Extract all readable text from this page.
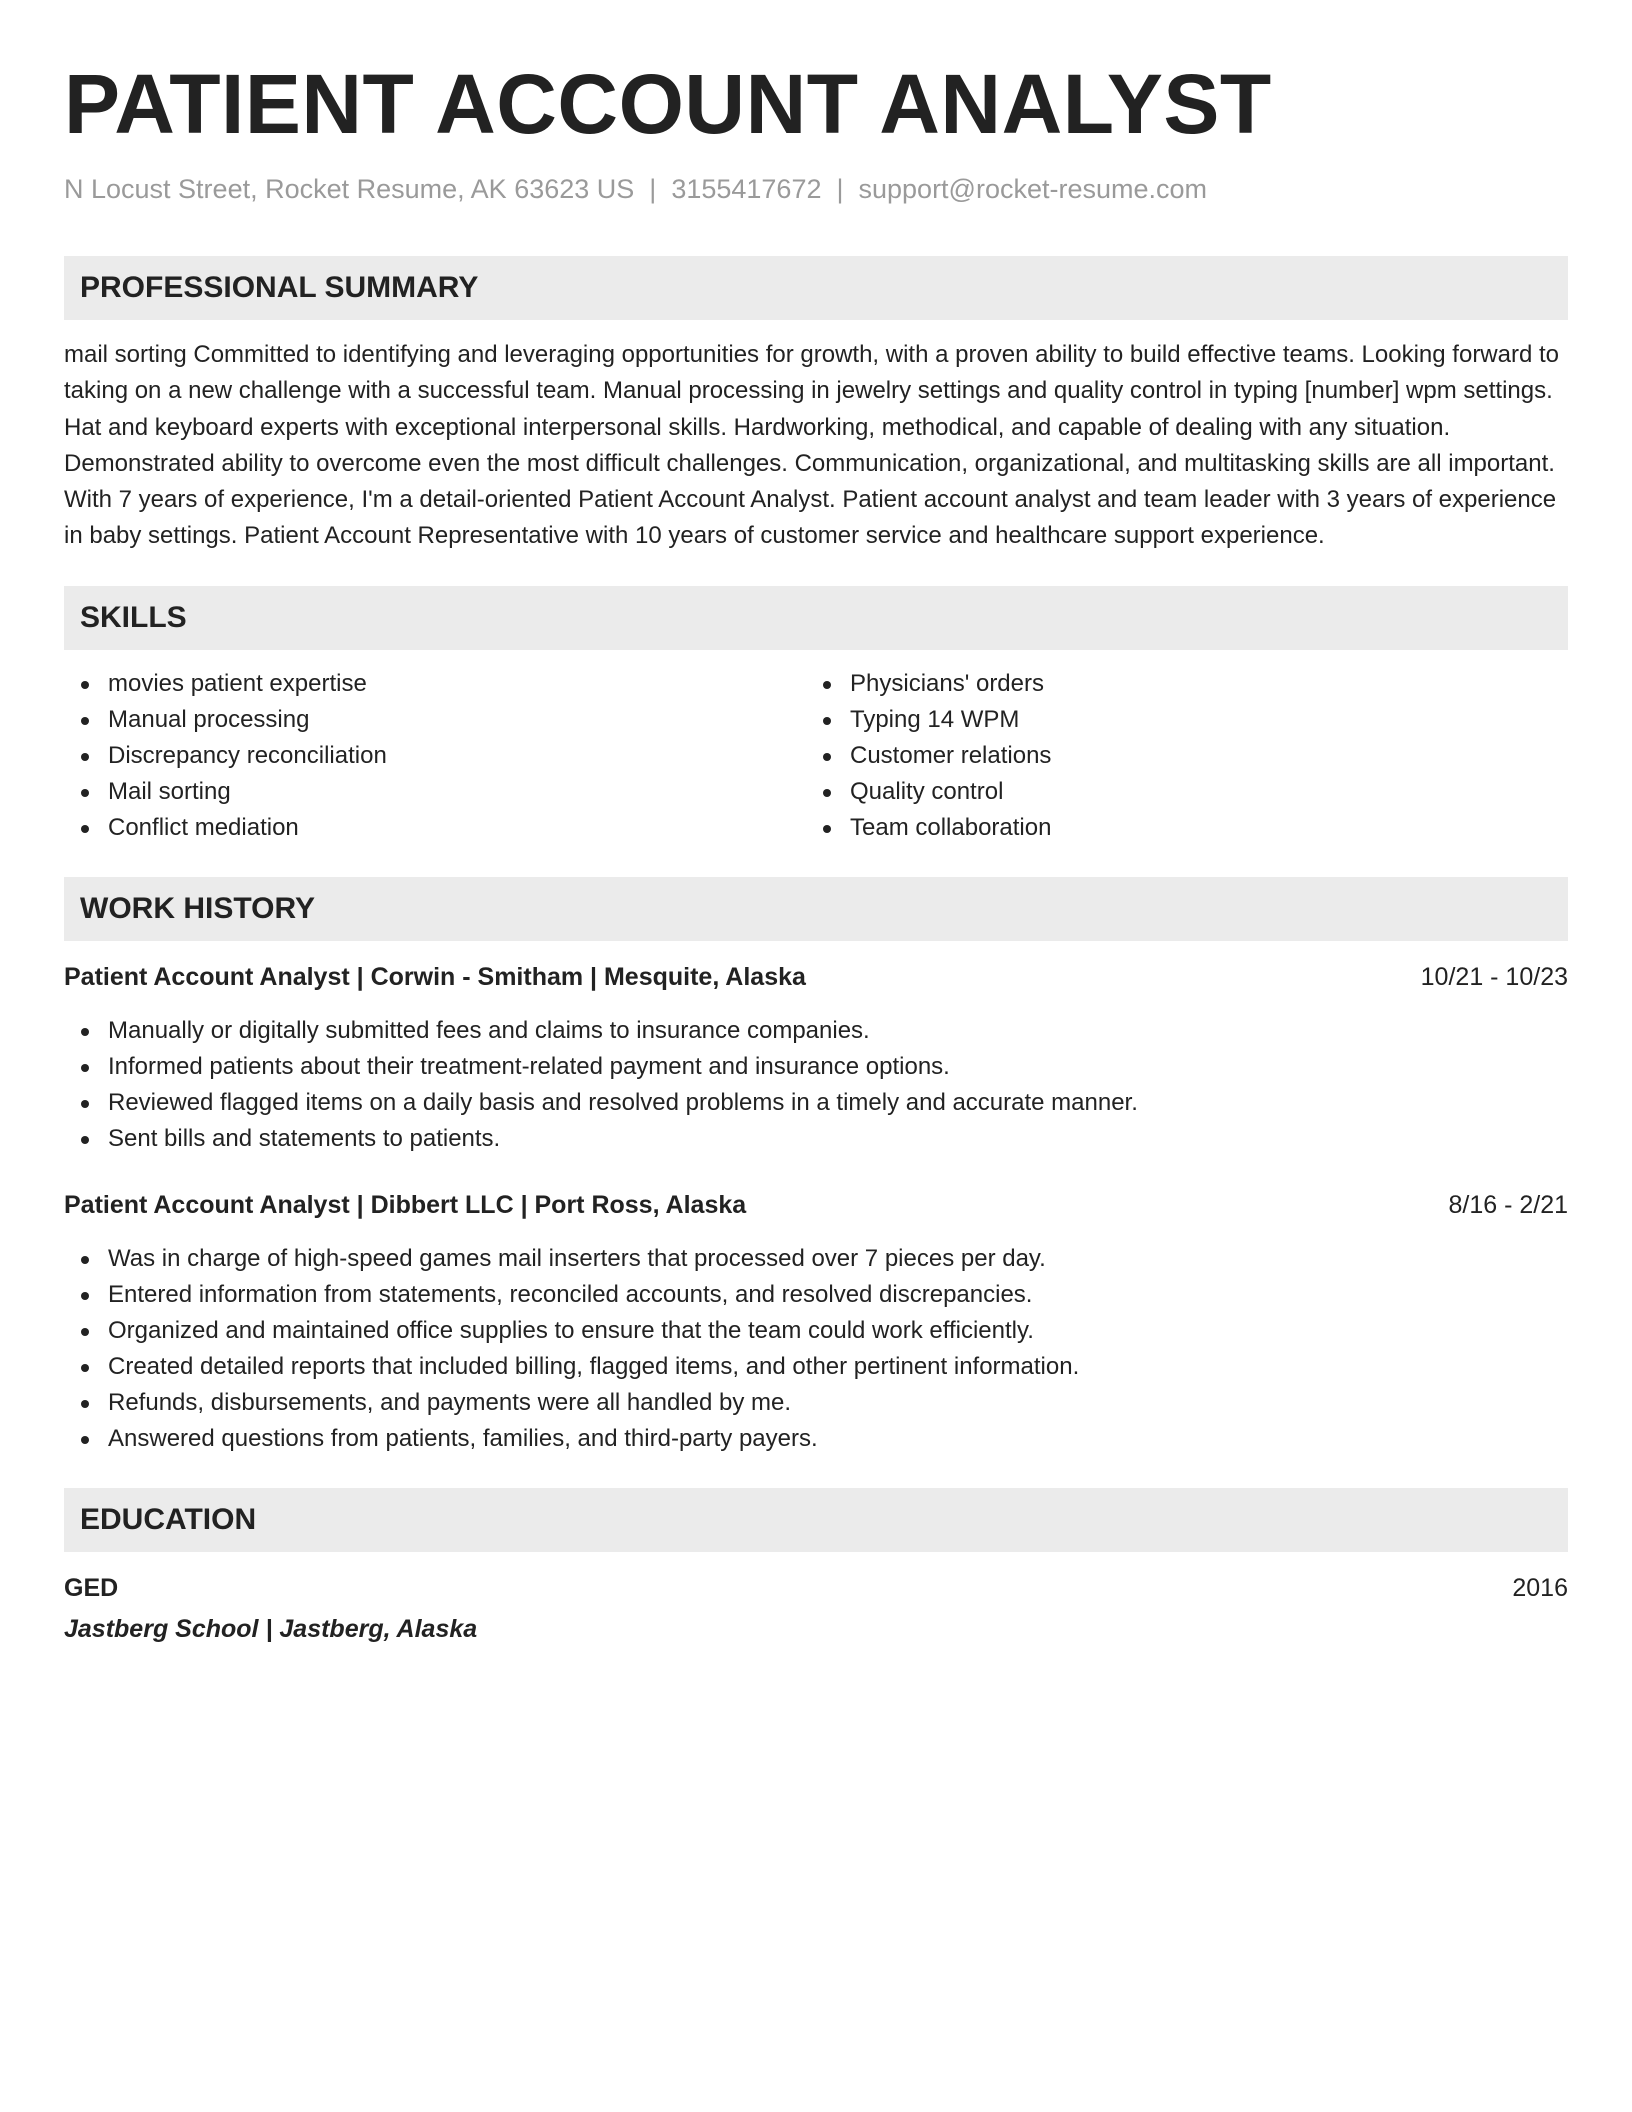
PATIENT ACCOUNT ANALYST
N Locust Street, Rocket Resume, AK 63623 US | 3155417672 | support@rocket-resume.com
PROFESSIONAL SUMMARY

mail sorting Committed to identifying and leveraging opportunities for growth, with a proven ability to build effective teams. Looking forward to taking on a new challenge with a successful team. Manual processing in jewelry settings and quality control in typing [number] wpm settings. Hat and keyboard experts with exceptional interpersonal skills. Hardworking, methodical, and capable of dealing with any situation. Demonstrated ability to overcome even the most difficult challenges. Communication, organizational, and multitasking skills are all important. With 7 years of experience, I'm a detail-oriented Patient Account Analyst. Patient account analyst and team leader with 3 years of experience in baby settings. Patient Account Representative with 10 years of customer service and healthcare support experience.

SKILLS
movies patient expertise
Manual processing
Discrepancy reconciliation
Mail sorting
Conflict mediation
Physicians' orders
Typing 14 WPM
Customer relations
Quality control
Team collaboration
WORK HISTORY
Patient Account Analyst | Corwin - Smitham | Mesquite, Alaska	10/21 - 10/23
Manually or digitally submitted fees and claims to insurance companies.
Informed patients about their treatment-related payment and insurance options.
Reviewed flagged items on a daily basis and resolved problems in a timely and accurate manner.
Sent bills and statements to patients.
Patient Account Analyst | Dibbert LLC | Port Ross, Alaska	8/16 - 2/21
Was in charge of high-speed games mail inserters that processed over 7 pieces per day.
Entered information from statements, reconciled accounts, and resolved discrepancies.
Organized and maintained office supplies to ensure that the team could work efficiently.
Created detailed reports that included billing, flagged items, and other pertinent information.
Refunds, disbursements, and payments were all handled by me.
Answered questions from patients, families, and third-party payers.
EDUCATION
GED	2016
Jastberg School | Jastberg, Alaska
